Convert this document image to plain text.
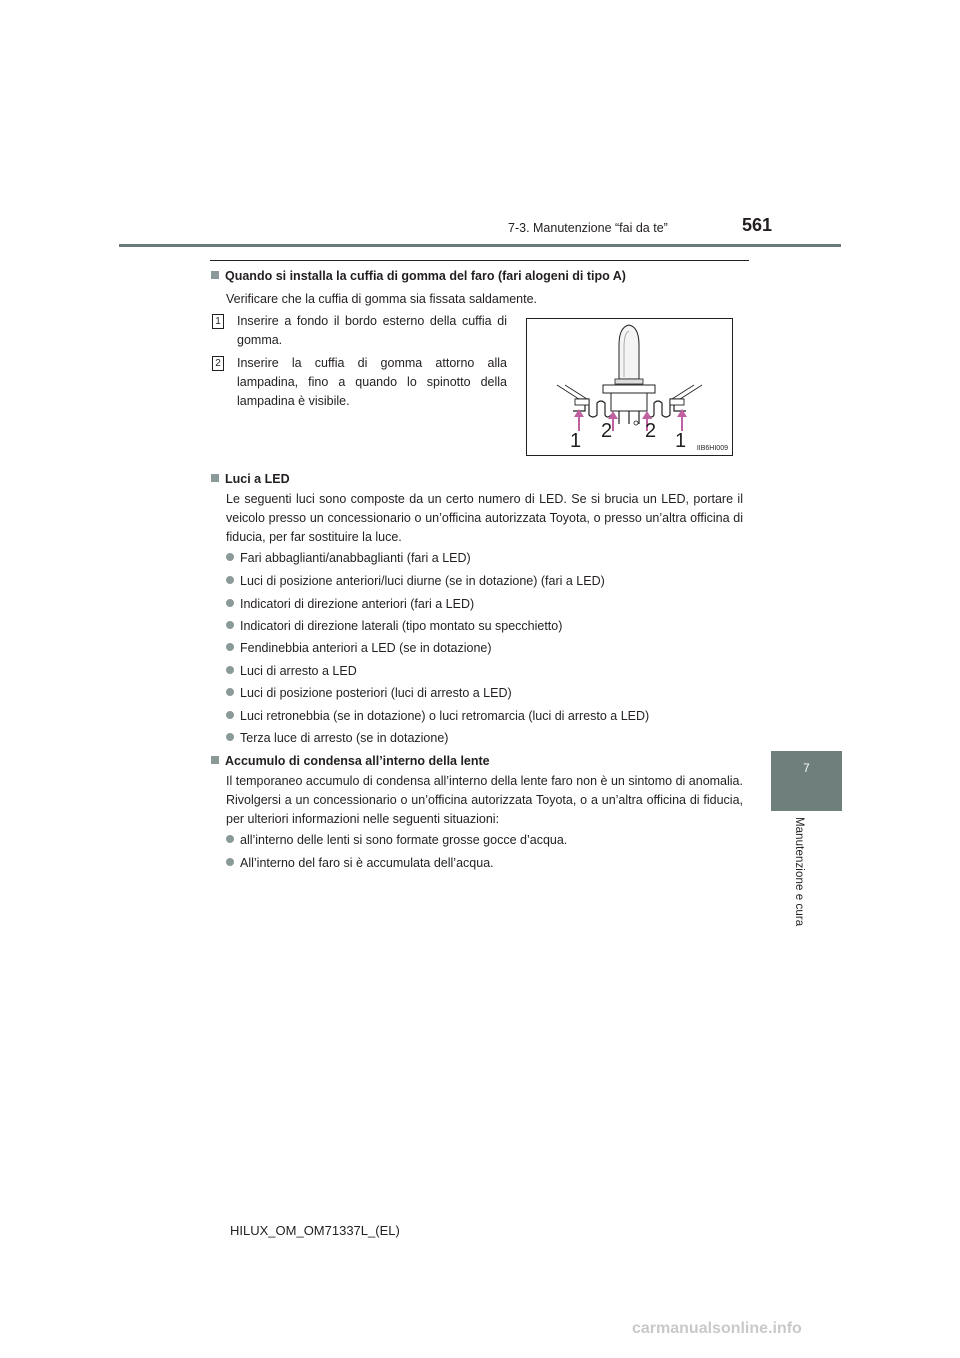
7-3. Manutenzione “fai da te”	561
7
Manutenzione e cura
Quando si installa la cuffia di gomma del faro (fari alogeni di tipo A)
Verificare che la cuffia di gomma sia fissata saldamente.
1 Inserire a fondo il bordo esterno della cuffia di gomma.
2 Inserire la cuffia di gomma attorno alla lampadina, fino a quando lo spinotto della lampadina è visibile.
1 2 2 1 IIB6HI009
Luci a LED
Le seguenti luci sono composte da un certo numero di LED. Se si brucia un LED, portare il veicolo presso un concessionario o un’officina autorizzata Toyota, o presso un’altra officina di fiducia, per far sostituire la luce.
Fari abbaglianti/anabbaglianti (fari a LED)
Luci di posizione anteriori/luci diurne (se in dotazione) (fari a LED)
Indicatori di direzione anteriori (fari a LED)
Indicatori di direzione laterali (tipo montato su specchietto)
Fendinebbia anteriori a LED (se in dotazione)
Luci di arresto a LED
Luci di posizione posteriori (luci di arresto a LED)
Luci retronebbia (se in dotazione) o luci retromarcia (luci di arresto a LED)
Terza luce di arresto (se in dotazione)
Accumulo di condensa all’interno della lente
Il temporaneo accumulo di condensa all’interno della lente faro non è un sintomo di anomalia. Rivolgersi a un concessionario o un’officina autorizzata Toyota, o a un’altra officina di fiducia, per ulteriori informazioni nelle seguenti situazioni:
all’interno delle lenti si sono formate grosse gocce d’acqua.
All’interno del faro si è accumulata dell’acqua.
HILUX_OM_OM71337L_(EL)
carmanualsonline.info
